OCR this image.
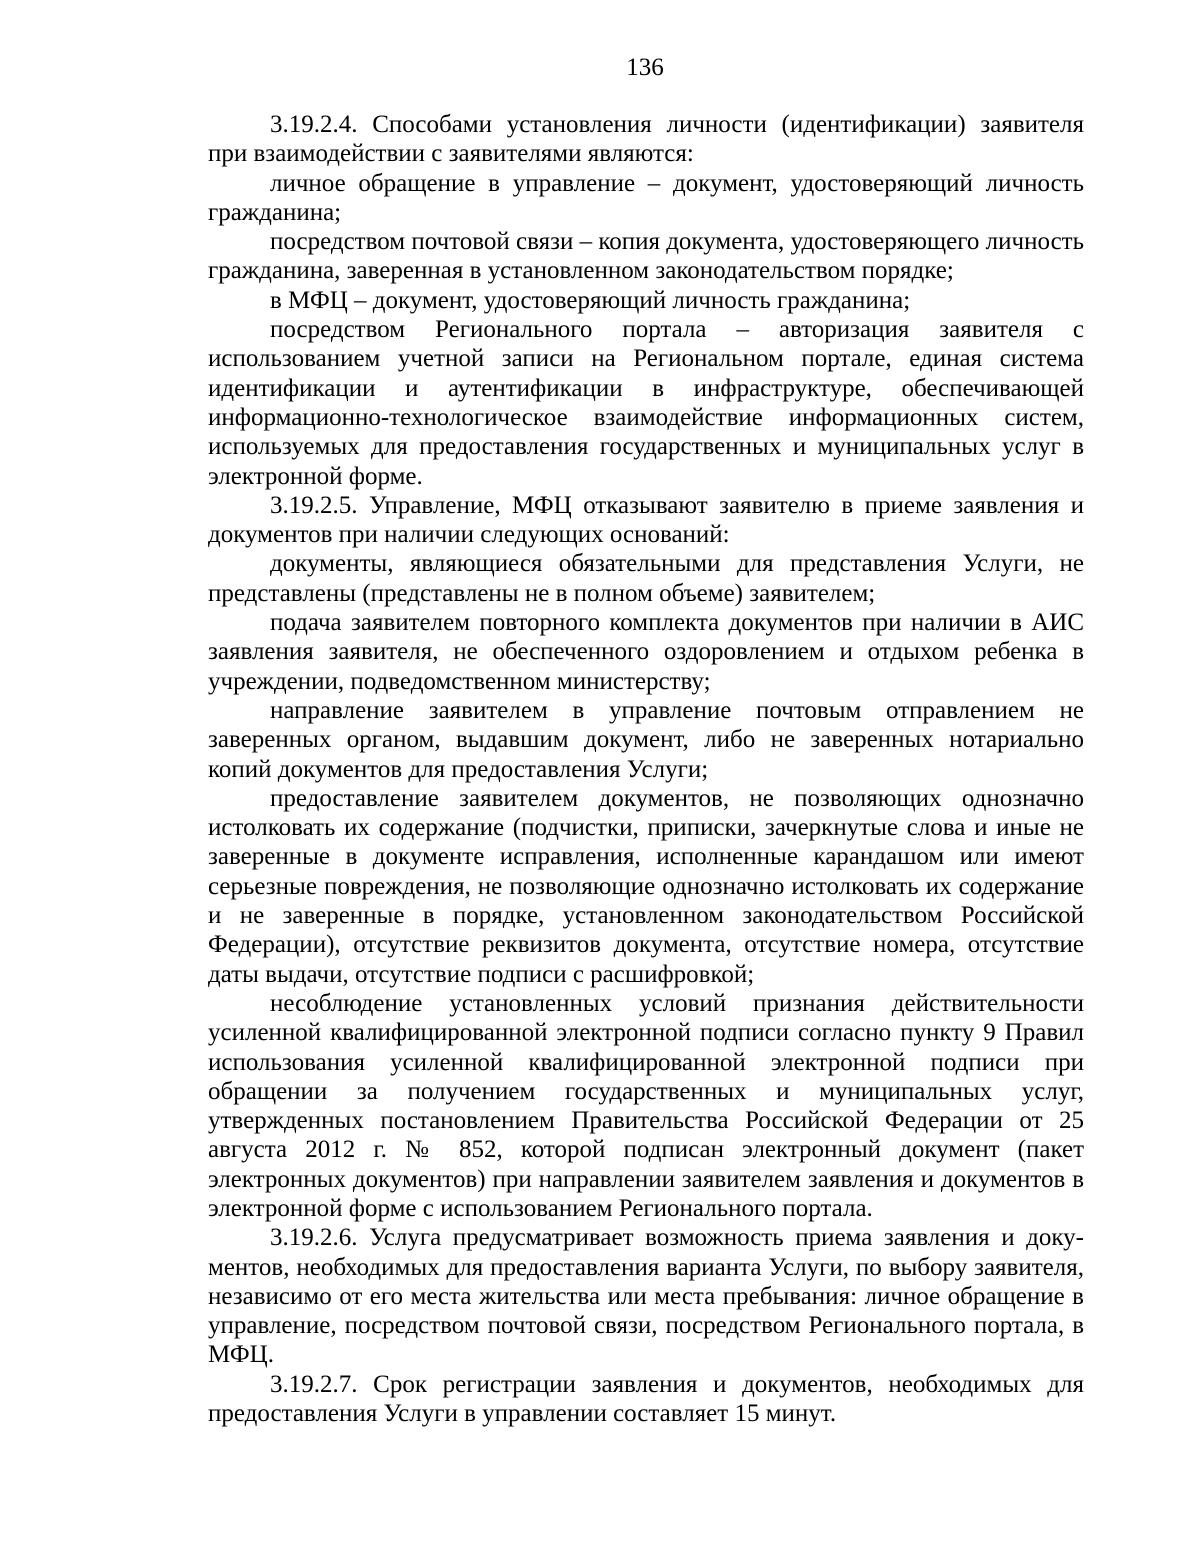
136

3.19.2.4. Способами установления личности (идентификации) заявителя при взаимодействии с заявителями являются:

личное обращение в управление – документ, удостоверяющий личность гражданина;

посредством почтовой связи – копия документа, удостоверяющего личность гражданина, заверенная в установленном законодательством порядке;

в МФЦ – документ, удостоверяющий личность гражданина;

посредством Регионального портала – авторизация заявителя с использованием учетной записи на Региональном портале, единая система идентификации и аутентификации в инфраструктуре, обеспечивающей информационно-технологическое взаимодействие информационных систем, используемых для предоставления государственных и муниципальных услуг в электронной форме.

3.19.2.5. Управление, МФЦ отказывают заявителю в приеме заявления и документов при наличии следующих оснований:

документы, являющиеся обязательными для представления Услуги, не представлены (представлены не в полном объеме) заявителем;

подача заявителем повторного комплекта документов при наличии в АИС заявления заявителя, не обеспеченного оздоровлением и отдыхом ребенка в учреждении, подведомственном министерству;

направление заявителем в управление почтовым отправлением не заверенных органом, выдавшим документ, либо не заверенных нотариально копий документов для предоставления Услуги;

предоставление заявителем документов, не позволяющих однозначно истолковать их содержание (подчистки, приписки, зачеркнутые слова и иные не заверенные в документе исправления, исполненные карандашом или имеют серьезные повреждения, не позволяющие однозначно истолковать их содержание и не заверенные в порядке, установленном законодательством Российской Федерации), отсутствие реквизитов документа, отсутствие номера, отсутствие даты выдачи, отсутствие подписи с расшифровкой;

несоблюдение установленных условий признания действительности усиленной квалифицированной электронной подписи согласно пункту 9 Правил использования усиленной квалифицированной электронной подписи при обращении за получением государственных и муниципальных услуг, утвержденных постановлением Правительства Российской Федерации от 25 августа 2012 г. № 852, которой подписан электронный документ (пакет электронных документов) при направлении заявителем заявления и документов в электронной форме с использованием Регионального портала.

3.19.2.6. Услуга предусматривает возможность приема заявления и документов, необходимых для предоставления варианта Услуги, по выбору заявителя, независимо от его места жительства или места пребывания: личное обращение в управление, посредством почтовой связи, посредством Регионального портала, в МФЦ.

3.19.2.7. Срок регистрации заявления и документов, необходимых для предоставления Услуги в управлении составляет 15 минут.
